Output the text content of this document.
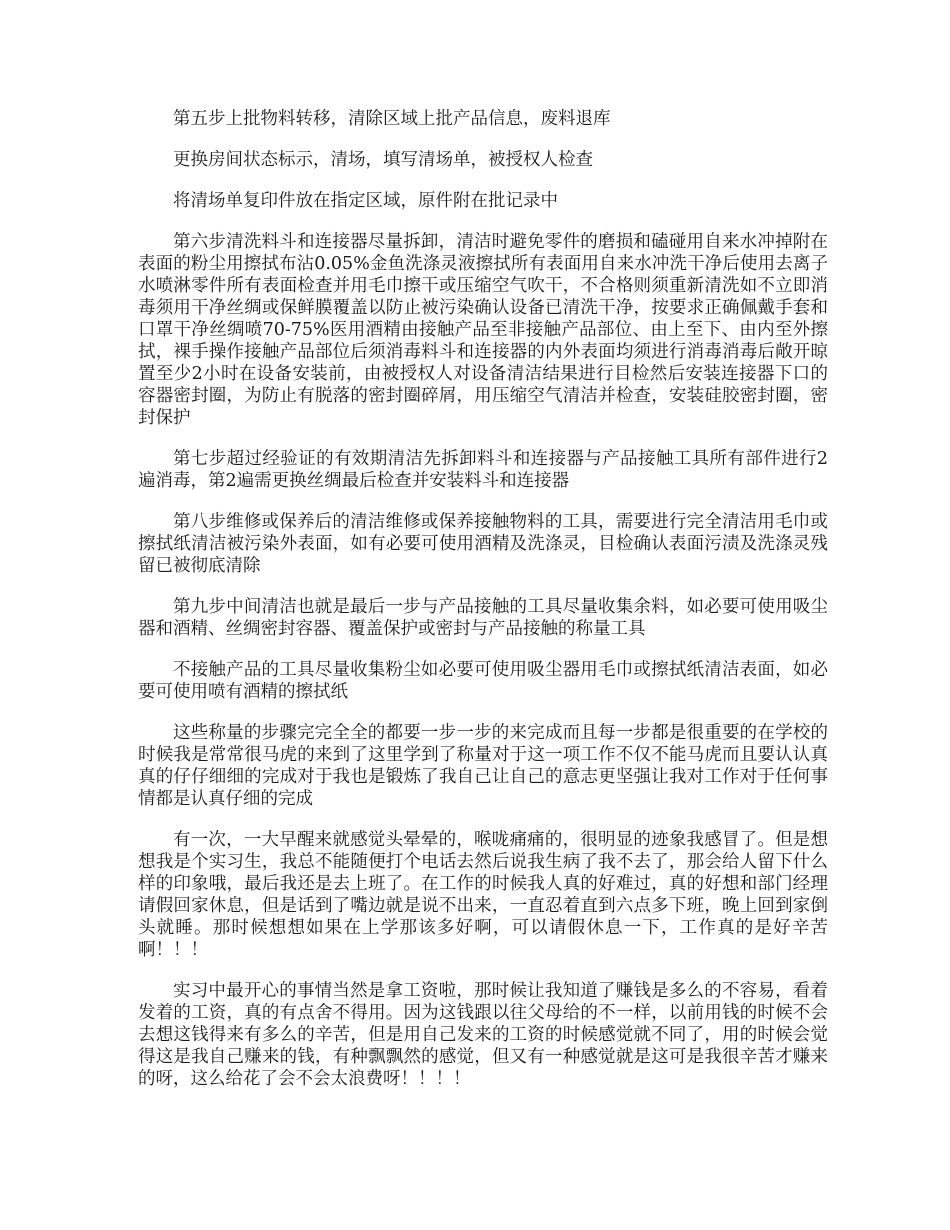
第五步上批物料转移，清除区域上批产品信息，废料退库

更换房间状态标示，清场，填写清场单，被授权人检查

将清场单复印件放在指定区域，原件附在批记录中

第六步清洗料斗和连接器尽量拆卸，清洁时避免零件的磨损和磕碰用自来水冲掉附在表面的粉尘用擦拭布沾0.05%金鱼洗涤灵液擦拭所有表面用自来水冲洗干净后使用去离子水喷淋零件所有表面检查并用毛巾擦干或压缩空气吹干，不合格则须重新清洗如不立即消毒须用干净丝绸或保鲜膜覆盖以防止被污染确认设备已清洗干净，按要求正确佩戴手套和口罩干净丝绸喷70-75%医用酒精由接触产品至非接触产品部位、由上至下、由内至外擦拭，裸手操作接触产品部位后须消毒料斗和连接器的内外表面均须进行消毒消毒后敞开晾置至少2小时在设备安装前，由被授权人对设备清洁结果进行目检然后安装连接器下口的容器密封圈，为防止有脱落的密封圈碎屑，用压缩空气清洁并检查，安装硅胶密封圈，密封保护

第七步超过经验证的有效期清洁先拆卸料斗和连接器与产品接触工具所有部件进行2遍消毒，第2遍需更换丝绸最后检查并安装料斗和连接器

第八步维修或保养后的清洁维修或保养接触物料的工具，需要进行完全清洁用毛巾或擦拭纸清洁被污染外表面，如有必要可使用酒精及洗涤灵，目检确认表面污渍及洗涤灵残留已被彻底清除

第九步中间清洁也就是最后一步与产品接触的工具尽量收集余料，如必要可使用吸尘器和酒精、丝绸密封容器、覆盖保护或密封与产品接触的称量工具

不接触产品的工具尽量收集粉尘如必要可使用吸尘器用毛巾或擦拭纸清洁表面，如必要可使用喷有酒精的擦拭纸

这些称量的步骤完完全全的都要一步一步的来完成而且每一步都是很重要的在学校的时候我是常常很马虎的来到了这里学到了称量对于这一项工作不仅不能马虎而且要认认真真的仔仔细细的完成对于我也是锻炼了我自己让自己的意志更坚强让我对工作对于任何事情都是认真仔细的完成

有一次，一大早醒来就感觉头晕晕的，喉咙痛痛的，很明显的迹象我感冒了。但是想想我是个实习生，我总不能随便打个电话去然后说我生病了我不去了，那会给人留下什么样的印象哦，最后我还是去上班了。在工作的时候我人真的好难过，真的好想和部门经理请假回家休息，但是话到了嘴边就是说不出来，一直忍着直到六点多下班，晚上回到家倒头就睡。那时候想想如果在上学那该多好啊，可以请假休息一下，工作真的是好辛苦啊！！！

实习中最开心的事情当然是拿工资啦，那时候让我知道了赚钱是多么的不容易，看着发着的工资，真的有点舍不得用。因为这钱跟以往父母给的不一样，以前用钱的时候不会去想这钱得来有多么的辛苦，但是用自己发来的工资的时候感觉就不同了，用的时候会觉得这是我自己赚来的钱，有种飘飘然的感觉，但又有一种感觉就是这可是我很辛苦才赚来的呀，这么给花了会不会太浪费呀！！！！
